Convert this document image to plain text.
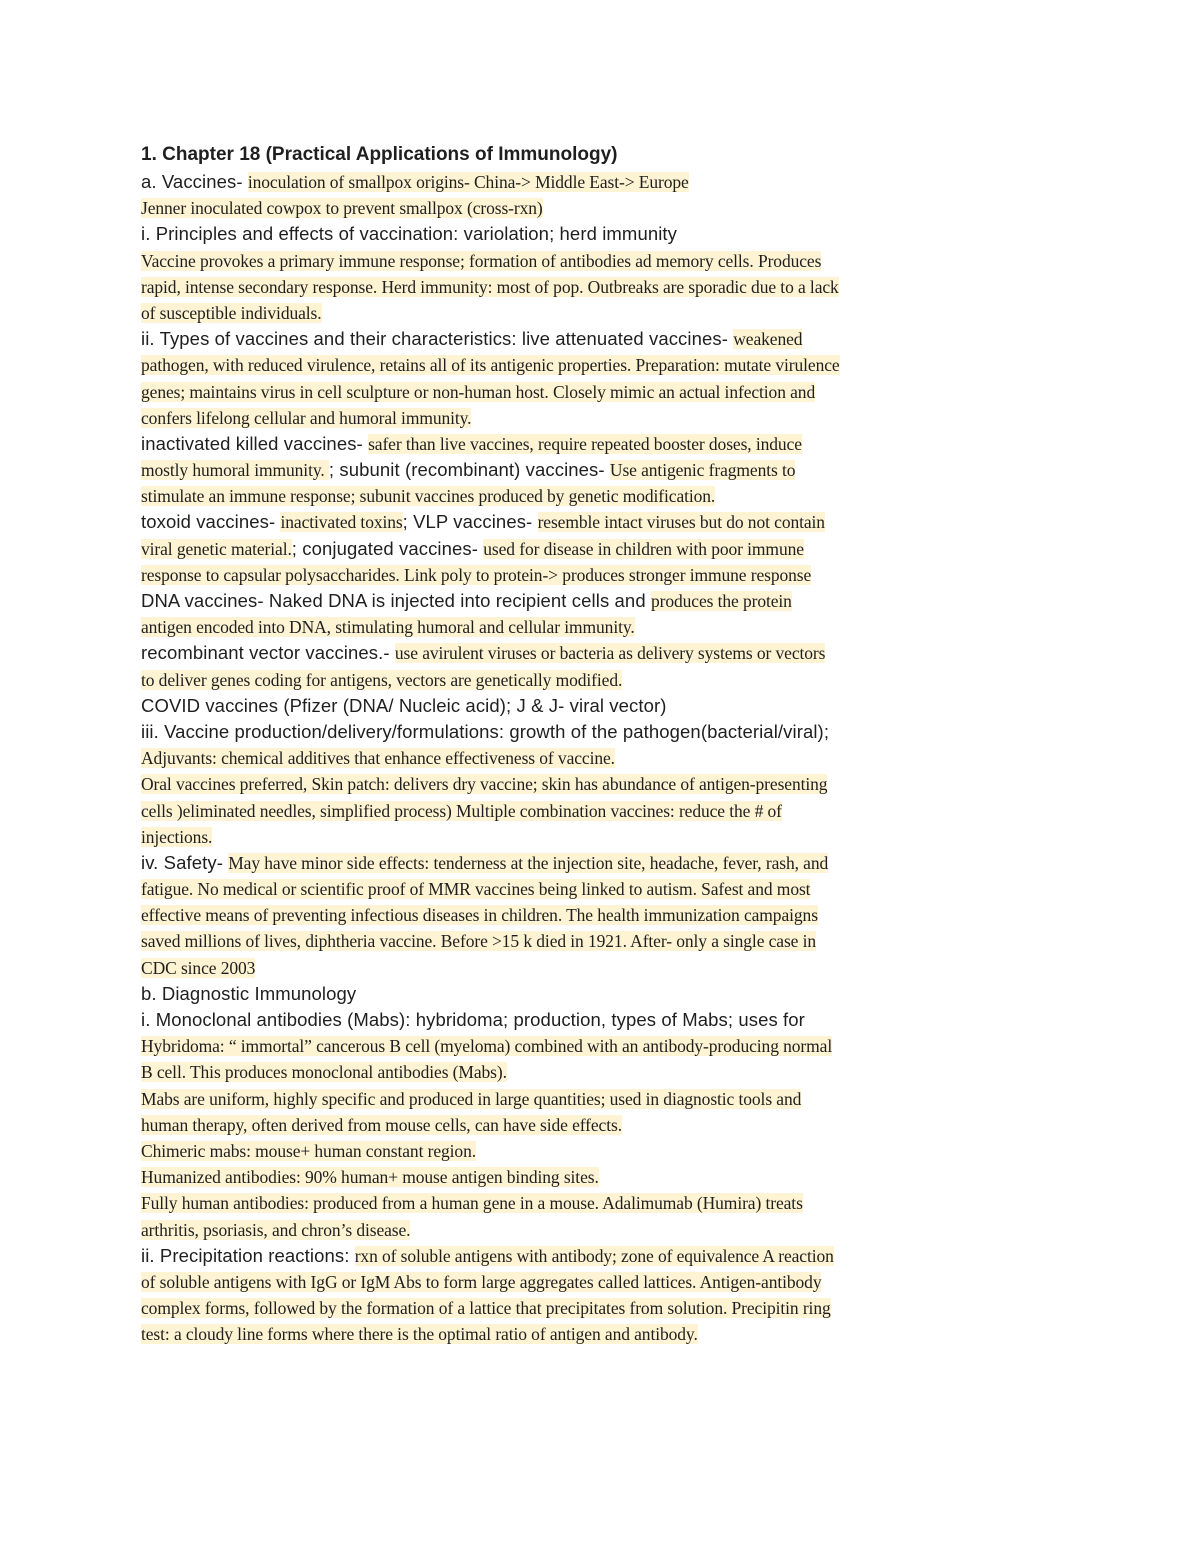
1. Chapter 18 (Practical Applications of Immunology)
a. Vaccines- inoculation of smallpox origins- China-> Middle East-> Europe
Jenner inoculated cowpox to prevent smallpox (cross-rxn)
i. Principles and effects of vaccination: variolation; herd immunity
Vaccine provokes a primary immune response; formation of antibodies ad memory cells. Produces
rapid, intense secondary response. Herd immunity: most of pop. Outbreaks are sporadic due to a lack
of susceptible individuals.
ii. Types of vaccines and their characteristics: live attenuated vaccines- weakened
pathogen, with reduced virulence, retains all of its antigenic properties. Preparation: mutate virulence
genes; maintains virus in cell sculpture or non-human host. Closely mimic an actual infection and
confers lifelong cellular and humoral immunity.
inactivated killed vaccines- safer than live vaccines, require repeated booster doses, induce
mostly humoral immunity. ; subunit (recombinant) vaccines- Use antigenic fragments to
stimulate an immune response; subunit vaccines produced by genetic modification.
toxoid vaccines- inactivated toxins; VLP vaccines- resemble intact viruses but do not contain
viral genetic material.; conjugated vaccines- used for disease in children with poor immune
response to capsular polysaccharides. Link poly to protein-> produces stronger immune response
DNA vaccines- Naked DNA is injected into recipient cells and produces the protein
antigen encoded into DNA, stimulating humoral and cellular immunity.
recombinant vector vaccines.- use avirulent viruses or bacteria as delivery systems or vectors
to deliver genes coding for antigens, vectors are genetically modified.
COVID vaccines (Pfizer (DNA/ Nucleic acid); J & J- viral vector)
iii. Vaccine production/delivery/formulations: growth of the pathogen(bacterial/viral);
Adjuvants: chemical additives that enhance effectiveness of vaccine.
Oral vaccines preferred, Skin patch: delivers dry vaccine; skin has abundance of antigen-presenting
cells )eliminated needles, simplified process) Multiple combination vaccines: reduce the # of
injections.
iv. Safety- May have minor side effects: tenderness at the injection site, headache, fever, rash, and
fatigue. No medical or scientific proof of MMR vaccines being linked to autism. Safest and most
effective means of preventing infectious diseases in children. The health immunization campaigns
saved millions of lives, diphtheria vaccine. Before >15 k died in 1921. After- only a single case in
CDC since 2003
b. Diagnostic Immunology
i. Monoclonal antibodies (Mabs): hybridoma; production, types of Mabs; uses for
Hybridoma: “ immortal” cancerous B cell (myeloma) combined with an antibody-producing normal
B cell. This produces monoclonal antibodies (Mabs).
Mabs are uniform, highly specific and produced in large quantities; used in diagnostic tools and
human therapy, often derived from mouse cells, can have side effects.
Chimeric mabs: mouse+ human constant region.
Humanized antibodies: 90% human+ mouse antigen binding sites.
Fully human antibodies: produced from a human gene in a mouse. Adalimumab (Humira) treats
arthritis, psoriasis, and chron’s disease.
ii. Precipitation reactions: rxn of soluble antigens with antibody; zone of equivalence A reaction
of soluble antigens with IgG or IgM Abs to form large aggregates called lattices. Antigen-antibody
complex forms, followed by the formation of a lattice that precipitates from solution. Precipitin ring
test: a cloudy line forms where there is the optimal ratio of antigen and antibody.
